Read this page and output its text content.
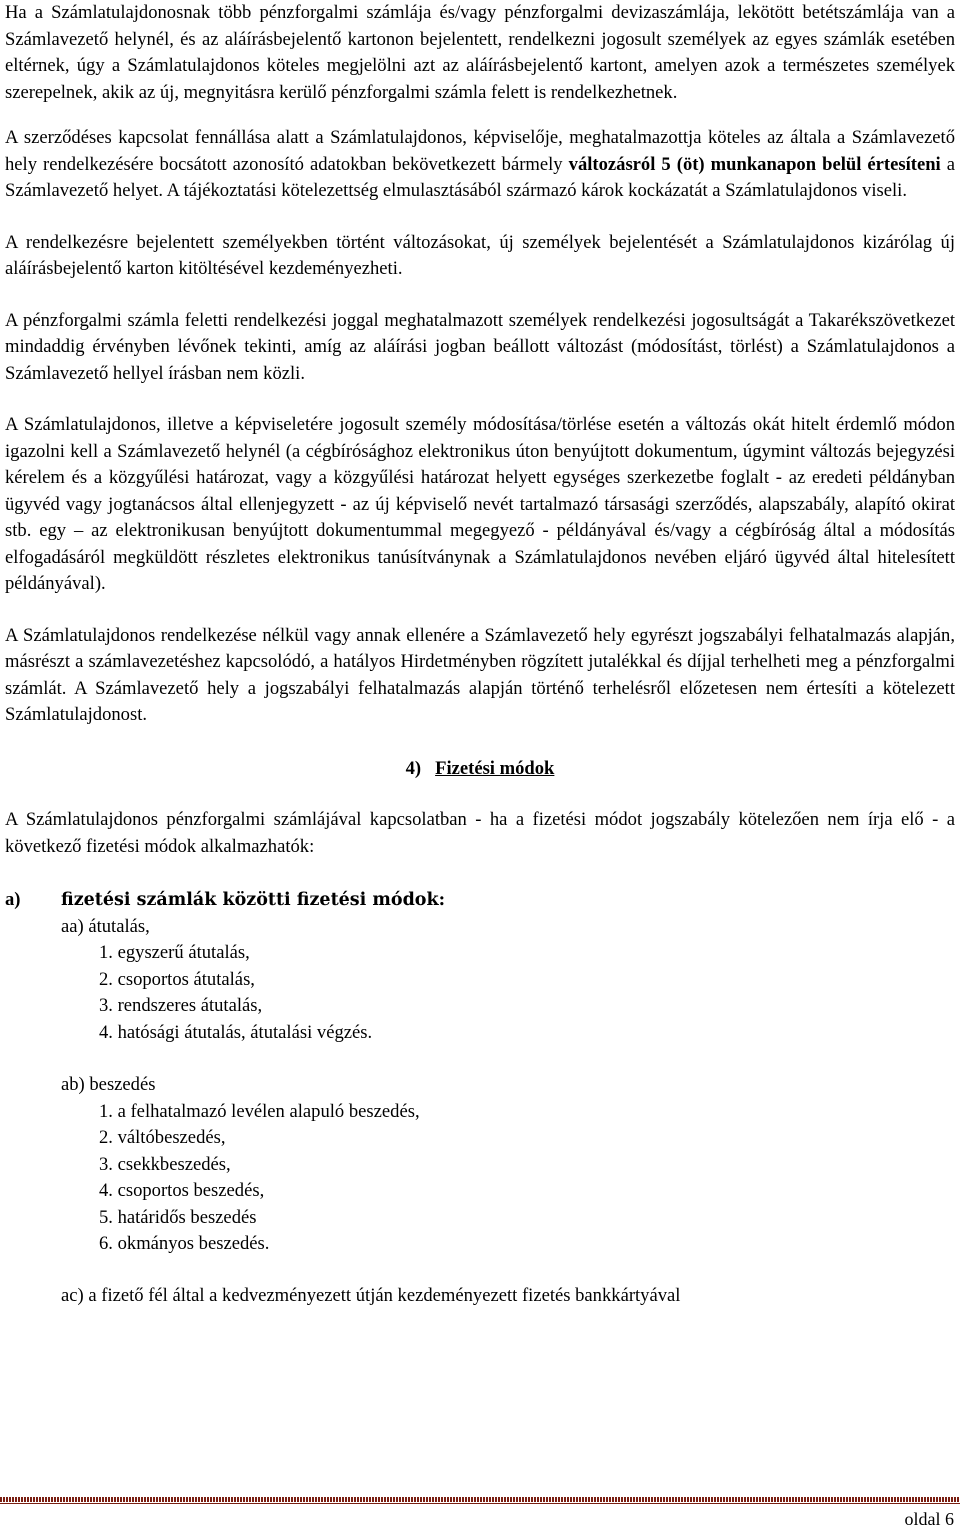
Ha a Számlatulajdonosnak több pénzforgalmi számlája és/vagy pénzforgalmi devizaszámlája, lekötött betétszámlája van a Számlavezető helynél, és az aláírásbejelentő kartonon bejelentett, rendelkezni jogosult személyek az egyes számlák esetében eltérnek, úgy a Számlatulajdonos köteles megjelölni azt az aláírásbejelentő kartont, amelyen azok a természetes személyek szerepelnek, akik az új, megnyitásra kerülő pénzforgalmi számla felett is rendelkezhetnek.

A szerződéses kapcsolat fennállása alatt a Számlatulajdonos, képviselője, meghatalmazottja köteles az általa a Számlavezető hely rendelkezésére bocsátott azonosító adatokban bekövetkezett bármely változásról 5 (öt) munkanapon belül értesíteni a Számlavezető helyet. A tájékoztatási kötelezettség elmulasztásából származó károk kockázatát a Számlatulajdonos viseli.

A rendelkezésre bejelentett személyekben történt változásokat, új személyek bejelentését a Számlatulajdonos kizárólag új aláírásbejelentő karton kitöltésével kezdeményezheti.

A pénzforgalmi számla feletti rendelkezési joggal meghatalmazott személyek rendelkezési jogosultságát a Takarékszövetkezet mindaddig érvényben lévőnek tekinti, amíg az aláírási jogban beállott változást (módosítást, törlést) a Számlatulajdonos a Számlavezető hellyel írásban nem közli.

A Számlatulajdonos, illetve a képviseletére jogosult személy módosítása/törlése esetén a változás okát hitelt érdemlő módon igazolni kell a Számlavezető helynél (a cégbírósághoz elektronikus úton benyújtott dokumentum, úgymint változás bejegyzési kérelem és a közgyűlési határozat, vagy a közgyűlési határozat helyett egységes szerkezetbe foglalt - az eredeti példányban ügyvéd vagy jogtanácsos által ellenjegyzett - az új képviselő nevét tartalmazó társasági szerződés, alapszabály, alapító okirat stb. egy – az elektronikusan benyújtott dokumentummal megegyező - példányával és/vagy a cégbíróság által a módosítás elfogadásáról megküldött részletes elektronikus tanúsítványnak a Számlatulajdonos nevében eljáró ügyvéd által hitelesített példányával).

A Számlatulajdonos rendelkezése nélkül vagy annak ellenére a Számlavezető hely egyrészt jogszabályi felhatalmazás alapján, másrészt a számlavezetéshez kapcsolódó, a hatályos Hirdetményben rögzített jutalékkal és díjjal terhelheti meg a pénzforgalmi számlát. A Számlavezető hely a jogszabályi felhatalmazás alapján történő terhelésről előzetesen nem értesíti a kötelezett Számlatulajdonost.

4) Fizetési módok

A Számlatulajdonos pénzforgalmi számlájával kapcsolatban - ha a fizetési módot jogszabály kötelezően nem írja elő - a következő fizetési módok alkalmazhatók:

a)	fizetési számlák közötti fizetési módok:
aa) átutalás,
1. egyszerű átutalás,
2. csoportos átutalás,
3. rendszeres átutalás,
4. hatósági átutalás, átutalási végzés.
ab) beszedés
1. a felhatalmazó levélen alapuló beszedés,
2. váltóbeszedés,
3. csekkbeszedés,
4. csoportos beszedés,
5. határidős beszedés
6. okmányos beszedés.
ac) a fizető fél által a kedvezményezett útján kezdeményezett fizetés bankkártyával
oldal 6
